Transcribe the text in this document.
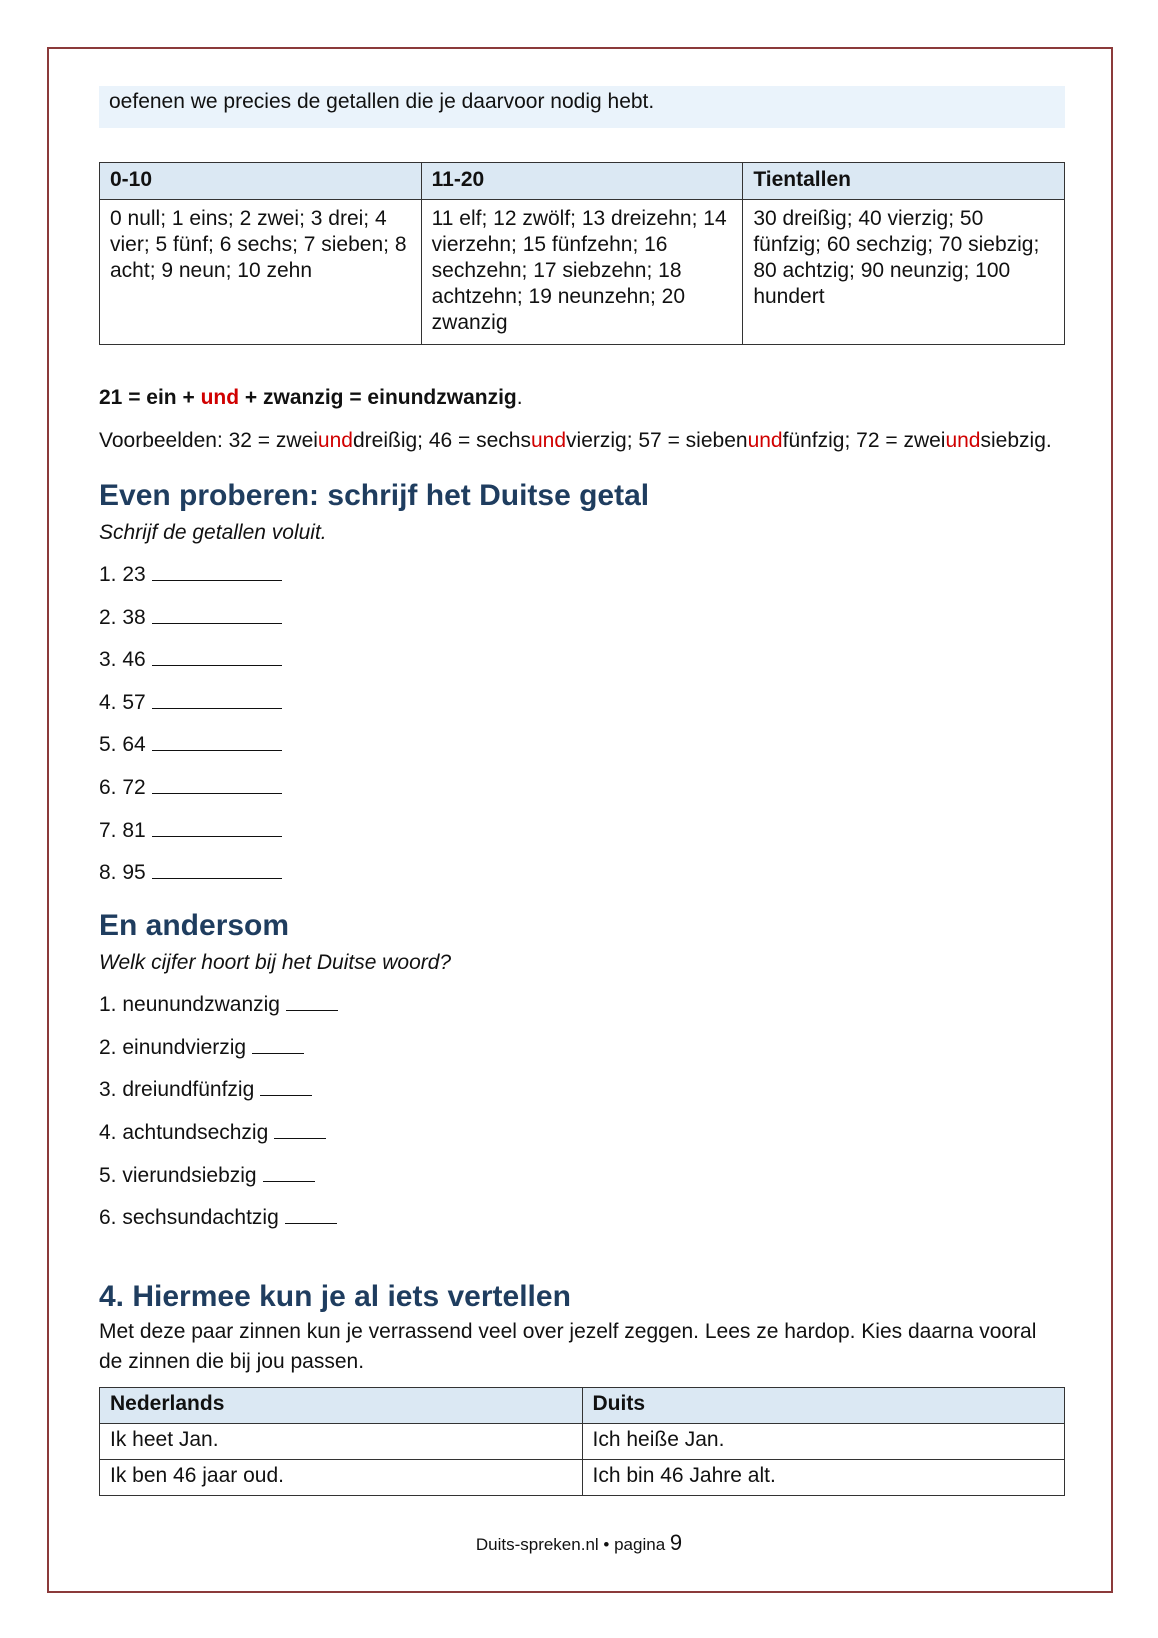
oefenen we precies de getallen die je daarvoor nodig hebt.
0-10	11-20	Tientallen
0 null; 1 eins; 2 zwei; 3 drei; 4 vier; 5 fünf; 6 sechs; 7 sieben; 8 acht; 9 neun; 10 zehn	11 elf; 12 zwölf; 13 dreizehn; 14 vierzehn; 15 fünfzehn; 16 sechzehn; 17 siebzehn; 18 achtzehn; 19 neunzehn; 20 zwanzig	30 dreißig; 40 vierzig; 50 fünfzig; 60 sechzig; 70 siebzig; 80 achtzig; 90 neunzig; 100 hundert
21 = ein + und + zwanzig = einundzwanzig.
Voorbeelden: 32 = zweiunddreißig; 46 = sechsundvierzig; 57 = siebenundfünfzig; 72 = zweiundsiebzig.
Even proberen: schrijf het Duitse getal
Schrijf de getallen voluit.
1. 23
2. 38
3. 46
4. 57
5. 64
6. 72
7. 81
8. 95
En andersom
Welk cijfer hoort bij het Duitse woord?
1. neunundzwanzig
2. einundvierzig
3. dreiundfünfzig
4. achtundsechzig
5. vierundsiebzig
6. sechsundachtzig
4. Hiermee kun je al iets vertellen
Met deze paar zinnen kun je verrassend veel over jezelf zeggen. Lees ze hardop. Kies daarna vooral de zinnen die bij jou passen.
Nederlands	Duits
Ik heet Jan.	Ich heiße Jan.
Ik ben 46 jaar oud.	Ich bin 46 Jahre alt.
Duits-spreken.nl • pagina 9
